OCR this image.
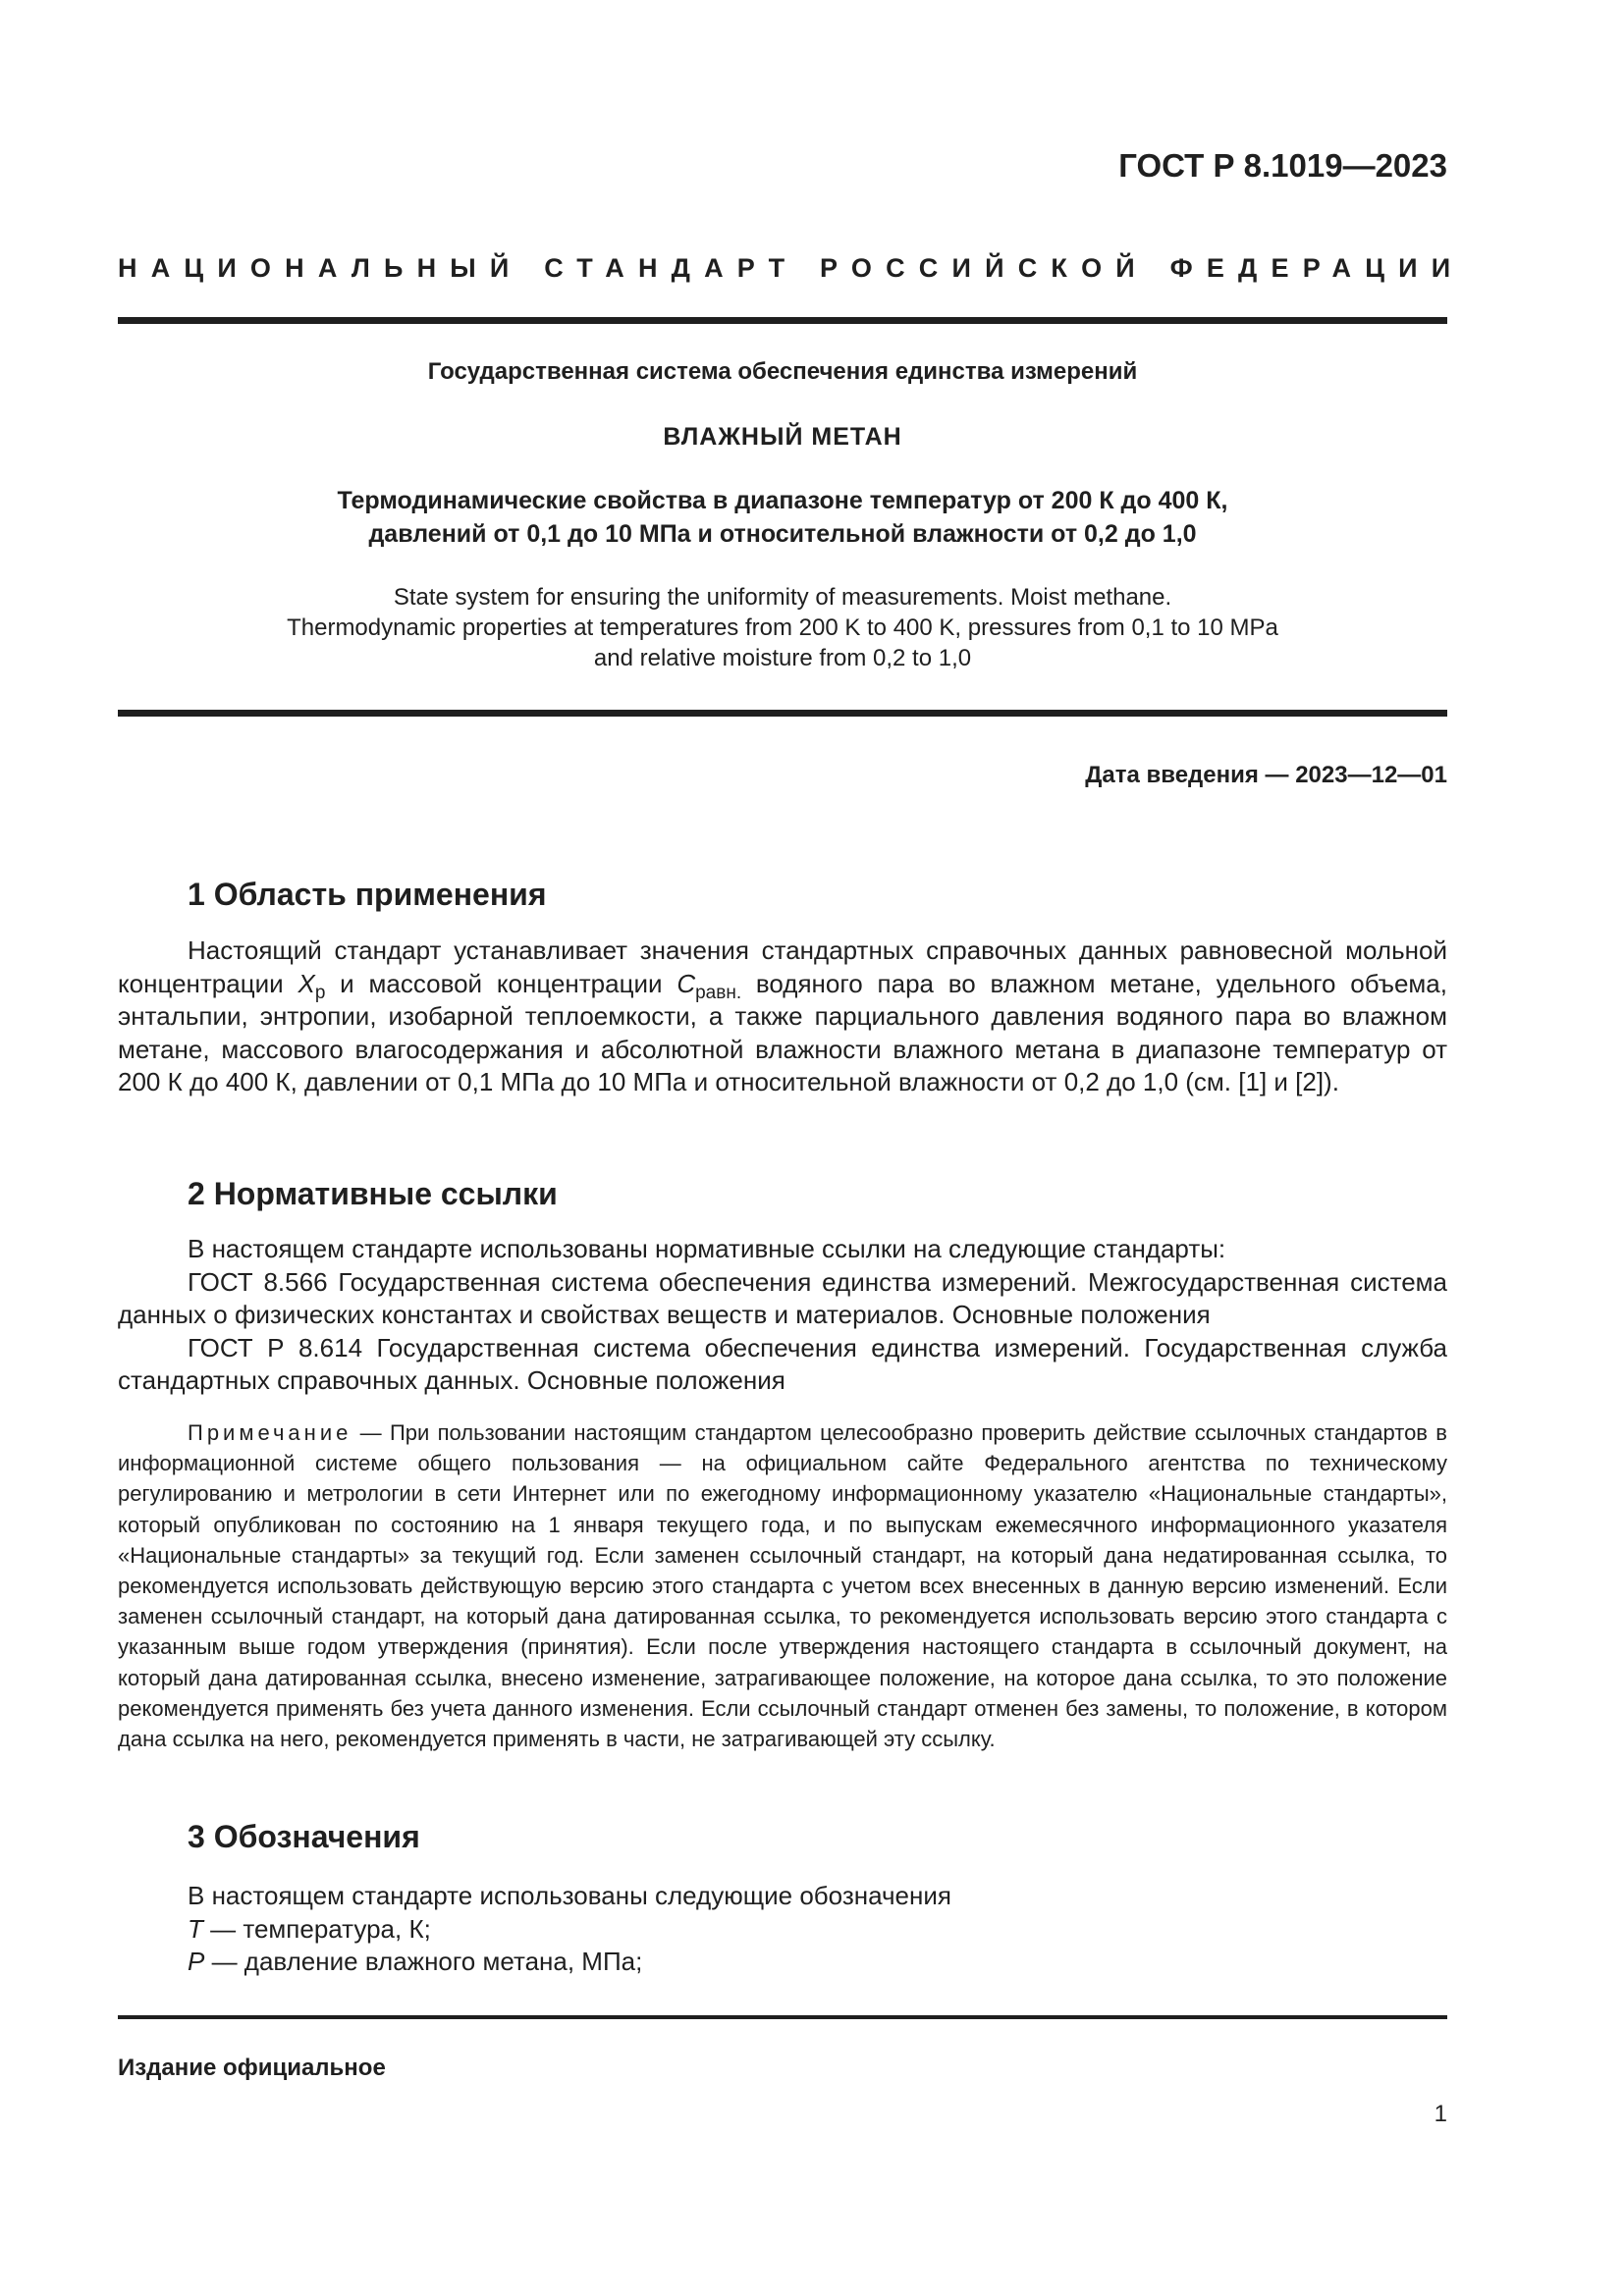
ГОСТ Р 8.1019—2023
НАЦИОНАЛЬНЫЙ СТАНДАРТ РОССИЙСКОЙ ФЕДЕРАЦИИ
Государственная система обеспечения единства измерений
ВЛАЖНЫЙ МЕТАН
Термодинамические свойства в диапазоне температур от 200 К до 400 К,
давлений от 0,1 до 10 МПа и относительной влажности от 0,2 до 1,0
State system for ensuring the uniformity of measurements. Moist methane.
Thermodynamic properties at temperatures from 200 K to 400 K, pressures from 0,1 to 10 MPa
and relative moisture from 0,2 to 1,0
Дата введения — 2023—12—01
1 Область применения

Настоящий стандарт устанавливает значения стандартных справочных данных равновесной мольной концентрации $X_p$ и массовой концентрации $C_{равн.}$ водяного пара во влажном метане, удельного объема, энтальпии, энтропии, изобарной теплоемкости, а также парциального давления водяного пара во влажном метане, массового влагосодержания и абсолютной влажности влажного метана в диапазоне температур от 200 К до 400 К, давлении от 0,1 МПа до 10 МПа и относительной влажности от 0,2 до 1,0 (см. [1] и [2]).

2 Нормативные ссылки

В настоящем стандарте использованы нормативные ссылки на следующие стандарты:

ГОСТ 8.566 Государственная система обеспечения единства измерений. Межгосударственная система данных о физических константах и свойствах веществ и материалов. Основные положения

ГОСТ Р 8.614 Государственная система обеспечения единства измерений. Государственная служба стандартных справочных данных. Основные положения

Примечание — При пользовании настоящим стандартом целесообразно проверить действие ссылочных стандартов в информационной системе общего пользования — на официальном сайте Федерального агентства по техническому регулированию и метрологии в сети Интернет или по ежегодному информационному указателю «Национальные стандарты», который опубликован по состоянию на 1 января текущего года, и по выпускам ежемесячного информационного указателя «Национальные стандарты» за текущий год. Если заменен ссылочный стандарт, на который дана недатированная ссылка, то рекомендуется использовать действующую версию этого стандарта с учетом всех внесенных в данную версию изменений. Если заменен ссылочный стандарт, на который дана датированная ссылка, то рекомендуется использовать версию этого стандарта с указанным выше годом утверждения (принятия). Если после утверждения настоящего стандарта в ссылочный документ, на который дана датированная ссылка, внесено изменение, затрагивающее положение, на которое дана ссылка, то это положение рекомендуется применять без учета данного изменения. Если ссылочный стандарт отменен без замены, то положение, в котором дана ссылка на него, рекомендуется применять в части, не затрагивающей эту ссылку.
3 Обозначения
В настоящем стандарте использованы следующие обозначения
T — температура, К;
P — давление влажного метана, МПа;
Издание официальное
1
